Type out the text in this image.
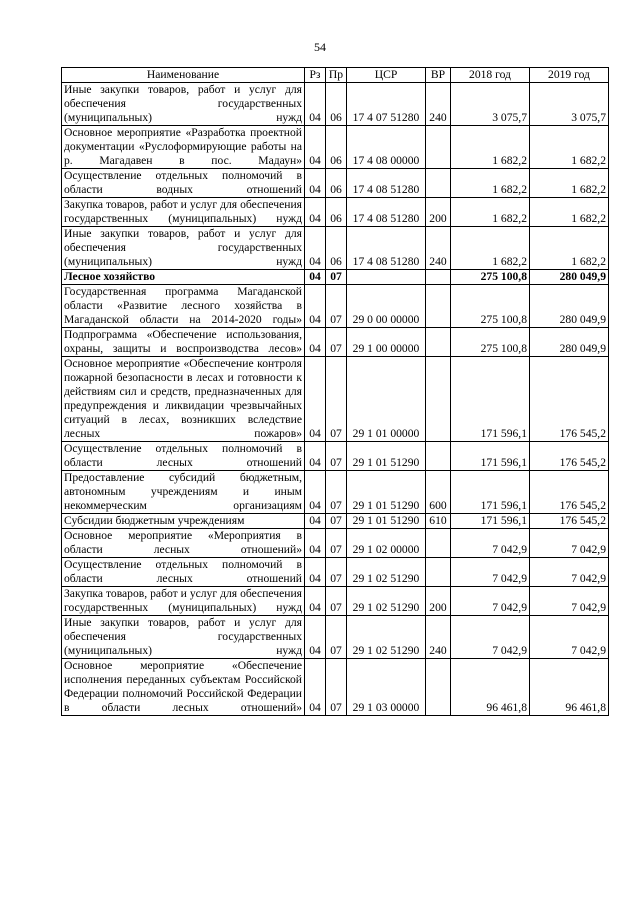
54
Наименование	Рз	Пр	ЦСР	ВР	2018 год	2019 год
Иные закупки товаров, работ и услуг для обеспечения государственных (муниципальных) нужд	04	06	17 4 07 51280	240	3 075,7	3 075,7
Основное мероприятие «Разработка проектной документации «Руслоформирующие работы на р. Магадавен в пос. Мадаун»	04	06	17 4 08 00000		1 682,2	1 682,2
Осуществление отдельных полномочий в области водных отношений	04	06	17 4 08 51280		1 682,2	1 682,2
Закупка товаров, работ и услуг для обеспечения государственных (муниципальных) нужд	04	06	17 4 08 51280	200	1 682,2	1 682,2
Иные закупки товаров, работ и услуг для обеспечения государственных (муниципальных) нужд	04	06	17 4 08 51280	240	1 682,2	1 682,2
Лесное хозяйство	04	07			275 100,8	280 049,9
Государственная программа Магаданской области «Развитие лесного хозяйства в Магаданской области на 2014-2020 годы»	04	07	29 0 00 00000		275 100,8	280 049,9
Подпрограмма «Обеспечение использования, охраны, защиты и воспроизводства лесов»	04	07	29 1 00 00000		275 100,8	280 049,9
Основное мероприятие «Обеспечение контроля пожарной безопасности в лесах и готовности к действиям сил и средств, предназначенных для предупреждения и ликвидации чрезвычайных ситуаций в лесах, возникших вследствие лесных пожаров»	04	07	29 1 01 00000		171 596,1	176 545,2
Осуществление отдельных полномочий в области лесных отношений	04	07	29 1 01 51290		171 596,1	176 545,2
Предоставление субсидий бюджетным, автономным учреждениям и иным некоммерческим организациям	04	07	29 1 01 51290	600	171 596,1	176 545,2
Субсидии бюджетным учреждениям	04	07	29 1 01 51290	610	171 596,1	176 545,2
Основное мероприятие «Мероприятия в области лесных отношений»	04	07	29 1 02 00000		7 042,9	7 042,9
Осуществление отдельных полномочий в области лесных отношений	04	07	29 1 02 51290		7 042,9	7 042,9
Закупка товаров, работ и услуг для обеспечения государственных (муниципальных) нужд	04	07	29 1 02 51290	200	7 042,9	7 042,9
Иные закупки товаров, работ и услуг для обеспечения государственных (муниципальных) нужд	04	07	29 1 02 51290	240	7 042,9	7 042,9
Основное мероприятие «Обеспечение исполнения переданных субъектам Российской Федерации полномочий Российской Федерации в области лесных отношений»	04	07	29 1 03 00000		96 461,8	96 461,8
